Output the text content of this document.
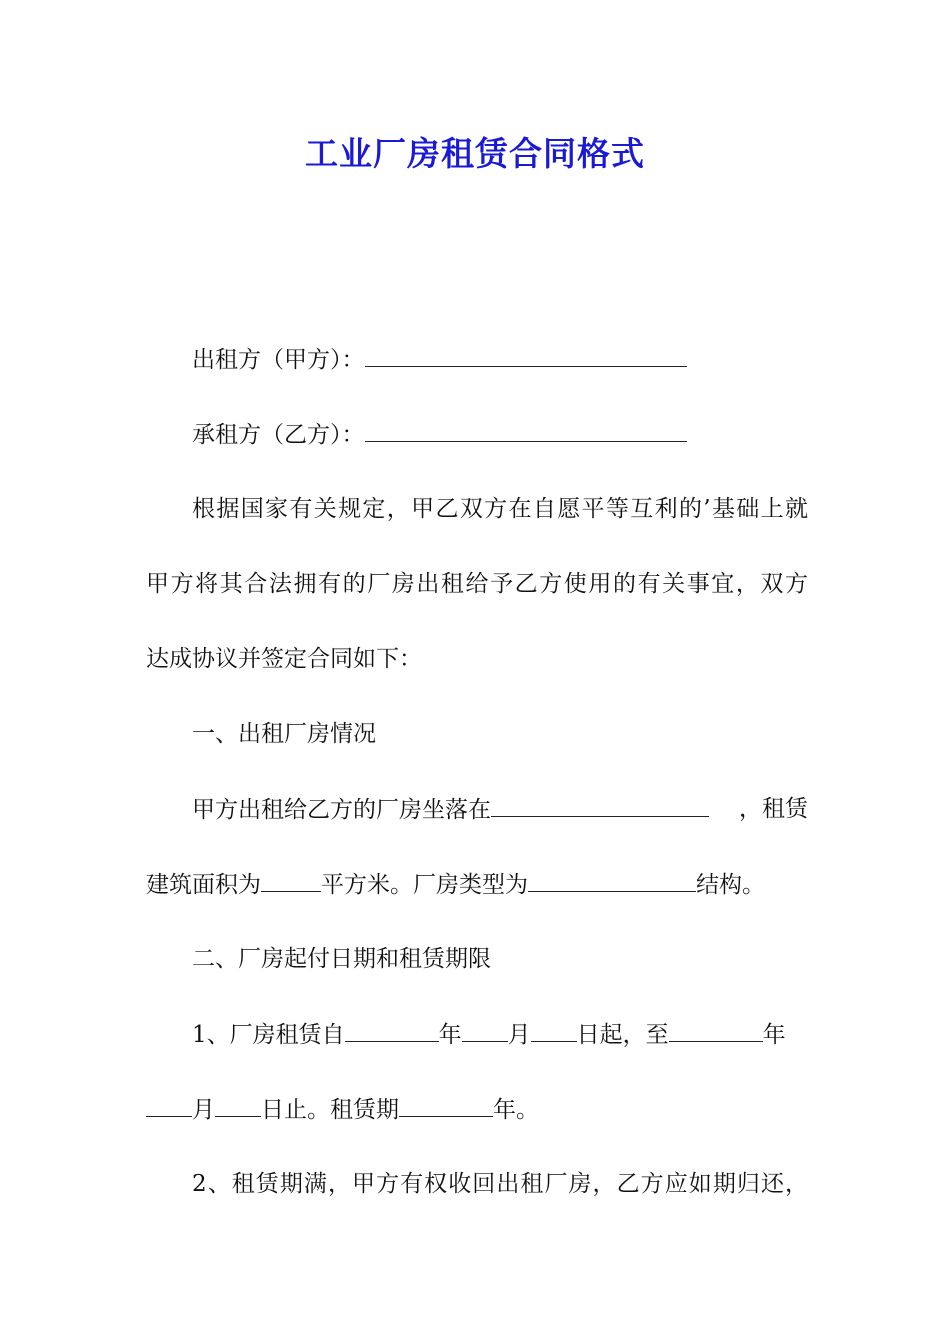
工业厂房租赁合同格式
出租方（甲方）：
承租方（乙方）：
根据国家有关规定，甲乙双方在自愿平等互利的’基础上就
甲方将其合法拥有的厂房出租给予乙方使用的有关事宜，双方
达成协议并签定合同如下：
一、出租厂房情况
甲方出租给乙方的厂房坐落在	，租赁
建筑面积为	平方米。厂房类型为	结构。
二、厂房起付日期和租赁期限
1、厂房租赁自	年 月 日起，至	年
月 日止。租赁期	年。
2、租赁期满，甲方有权收回出租厂房，乙方应如期归还，
